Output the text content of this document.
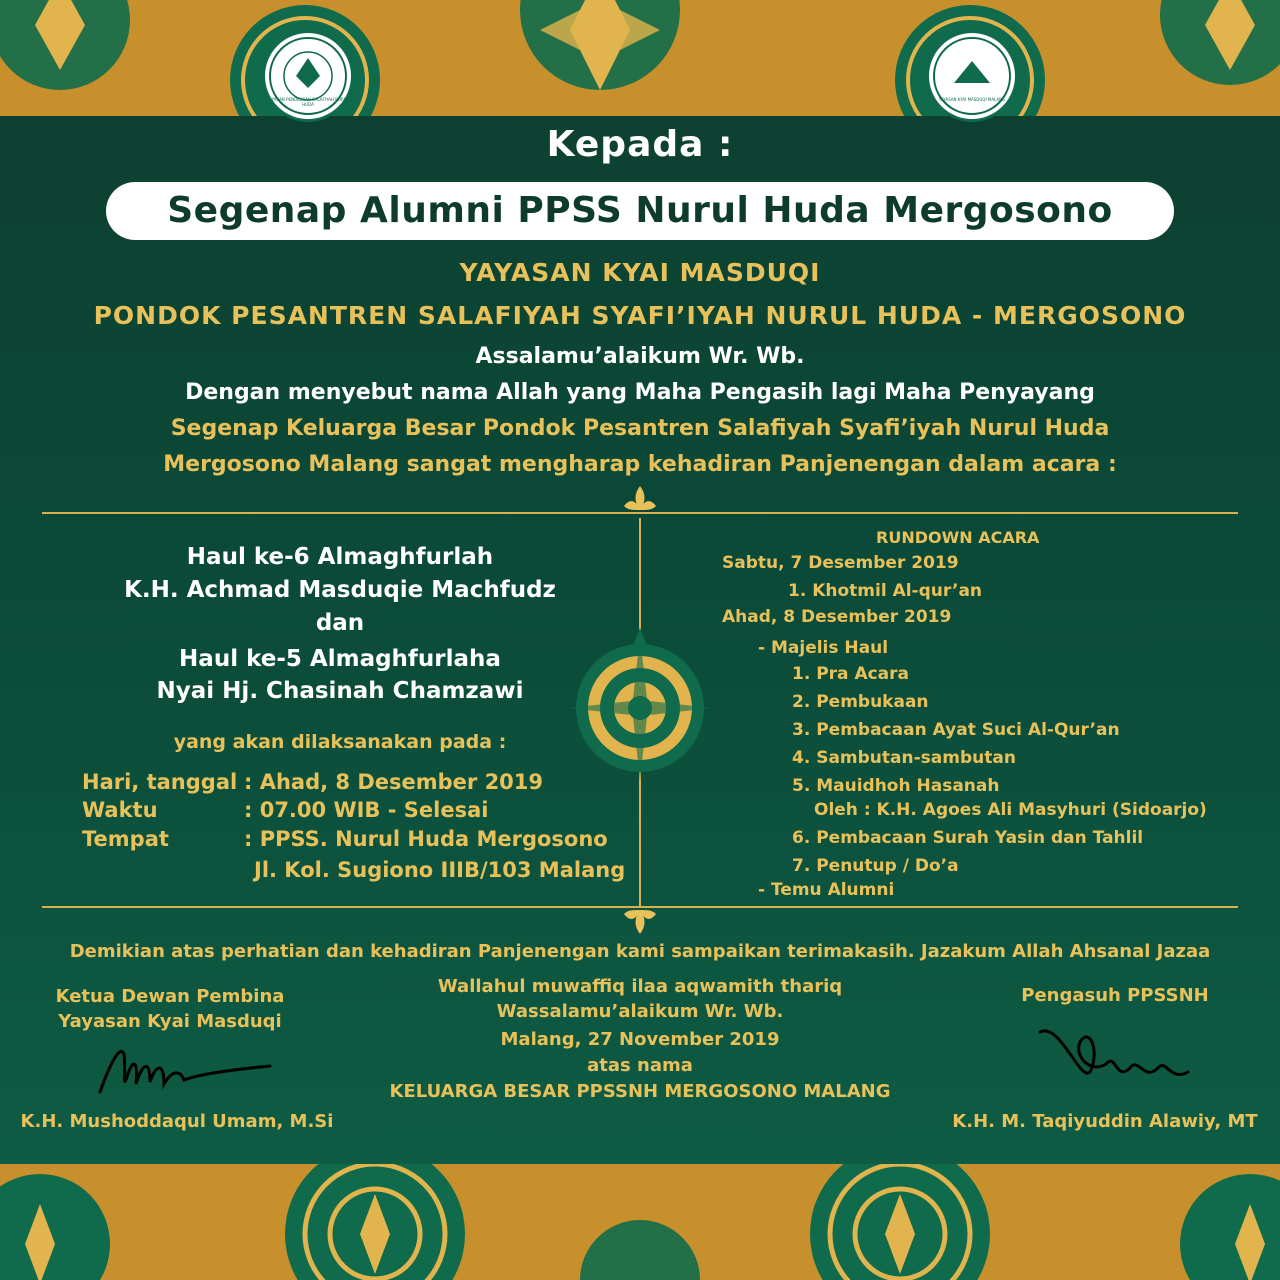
YAYASAN PENDIDIKAN SALAFIYAH NURUL HUDA
YAYASAN KYAI MASDUQI MALANG
Kepada :
Segenap Alumni PPSS Nurul Huda Mergosono
YAYASAN KYAI MASDUQI
PONDOK PESANTREN SALAFIYAH SYAFI’IYAH NURUL HUDA - MERGOSONO
Assalamu’alaikum Wr. Wb.
Dengan menyebut nama Allah yang Maha Pengasih lagi Maha Penyayang
Segenap Keluarga Besar Pondok Pesantren Salafiyah Syafi’iyah Nurul Huda
Mergosono Malang sangat mengharap kehadiran Panjenengan dalam acara :
Haul ke-6 Almaghfurlah
K.H. Achmad Masduqie Machfudz
dan
Haul ke-5 Almaghfurlaha
Nyai Hj. Chasinah Chamzawi
yang akan dilaksanakan pada :
Hari, tanggal : Ahad, 8 Desember 2019
Waktu	: 07.00 WIB - Selesai
Tempat	: PPSS. Nurul Huda Mergosono
Jl. Kol. Sugiono IIIB/103 Malang
RUNDOWN ACARA
Sabtu, 7 Desember 2019
1. Khotmil Al-qur’an
Ahad, 8 Desember 2019
- Majelis Haul
1. Pra Acara
2. Pembukaan
3. Pembacaan Ayat Suci Al-Qur’an
4. Sambutan-sambutan
5. Mauidhoh Hasanah
Oleh : K.H. Agoes Ali Masyhuri (Sidoarjo)
6. Pembacaan Surah Yasin dan Tahlil
7. Penutup / Do’a
- Temu Alumni
Demikian atas perhatian dan kehadiran Panjenengan kami sampaikan terimakasih. Jazakum Allah Ahsanal Jazaa
Ketua Dewan Pembina
Yayasan Kyai Masduqi
K.H. Mushoddaqul Umam, M.Si
Wallahul muwaffiq ilaa aqwamith thariq
Wassalamu’alaikum Wr. Wb.
Malang, 27 November 2019
atas nama
KELUARGA BESAR PPSSNH MERGOSONO MALANG
Pengasuh PPSSNH
K.H. M. Taqiyuddin Alawiy, MT
